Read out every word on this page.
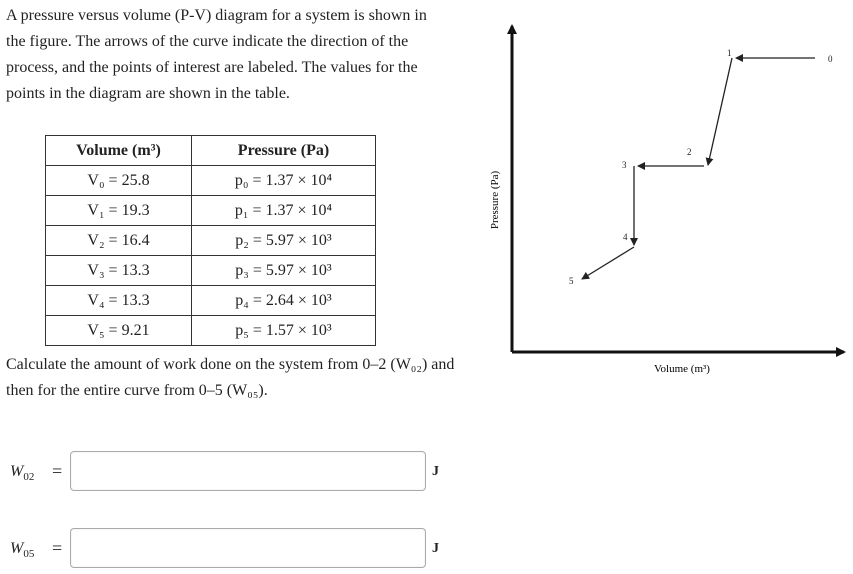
A pressure versus volume (P-V) diagram for a system is shown in the figure. The arrows of the curve indicate the direction of the process, and the points of interest are labeled. The values for the points in the diagram are shown in the table.
Volume (m³)	Pressure (Pa)
V₀ = 25.8	p₀ = 1.37 × 10⁴
V₁ = 19.3	p₁ = 1.37 × 10⁴
V₂ = 16.4	p₂ = 5.97 × 10³
V₃ = 13.3	p₃ = 5.97 × 10³
V₄ = 13.3	p₄ = 2.64 × 10³
V₅ = 9.21	p₅ = 1.57 × 10³
Calculate the amount of work done on the system from 0–2 (W₀₂) and then for the entire curve from 0–5 (W₀₅).
$W_{02}$ =	J
$W_{05}$ =	J
Pressure (Pa)
Volume (m³)
0
1
2
3
4
5
